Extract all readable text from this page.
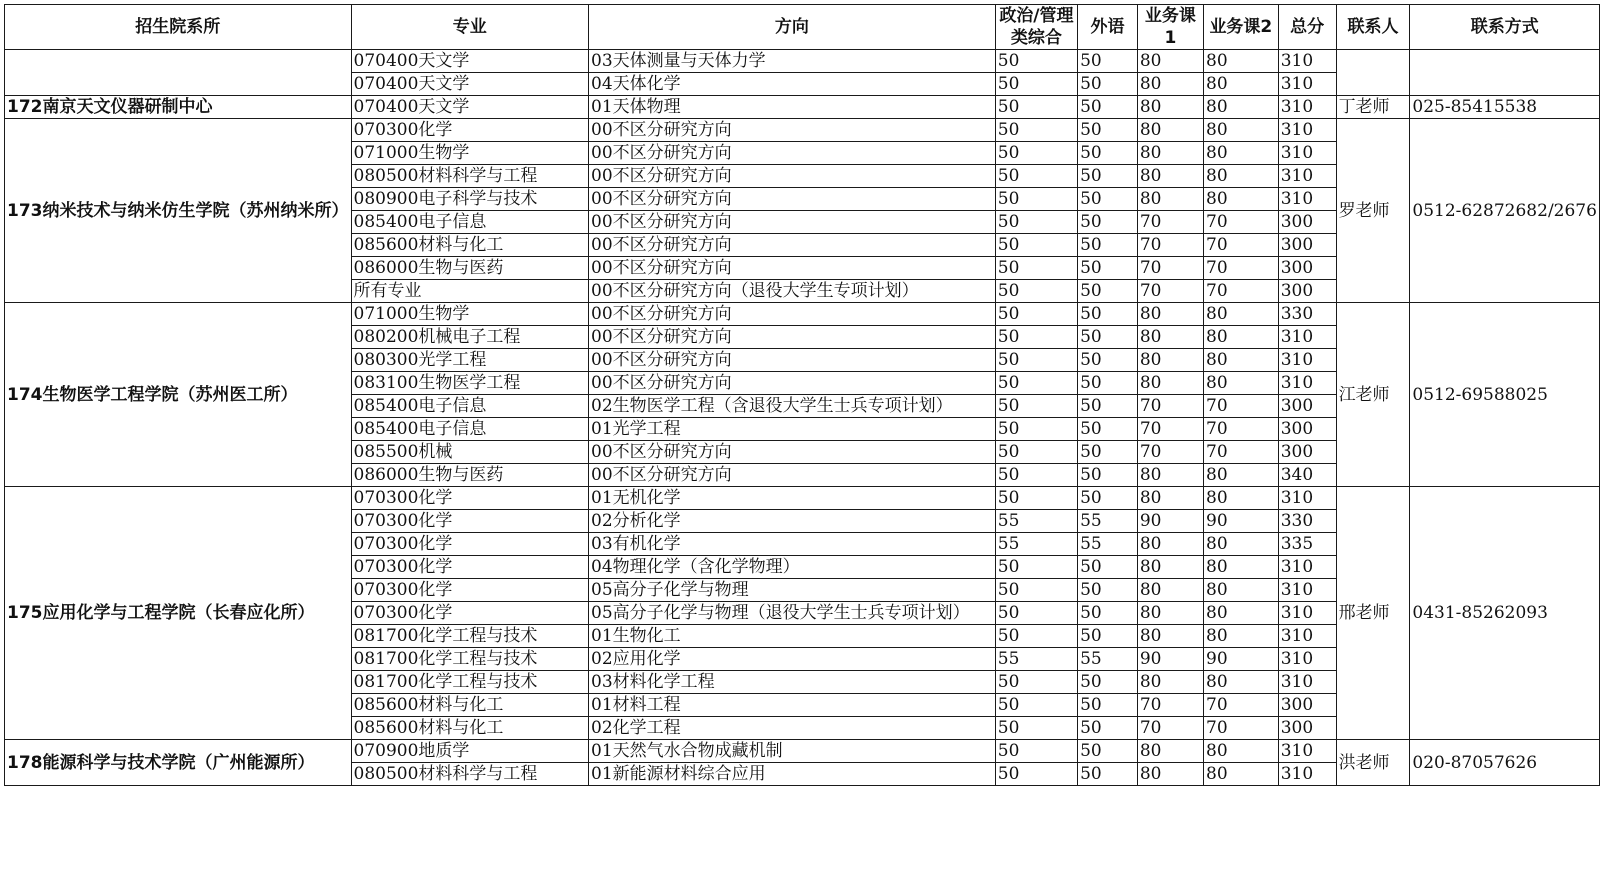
招生院系所	专业	方向	政治/管理类综合	外语	业务课1	业务课2	总分	联系人	联系方式
	070400天文学	03天体测量与天体力学	50	50	80	80	310		
	070400天文学	04天体化学	50	50	80	80	310		
172南京天文仪器研制中心	070400天文学	01天体物理	50	50	80	80	310	丁老师	025-85415538
173纳米技术与纳米仿生学院（苏州纳米所）	070300化学	00不区分研究方向	50	50	80	80	310	罗老师	0512-62872682/2676
	071000生物学	00不区分研究方向	50	50	80	80	310		
	080500材料科学与工程	00不区分研究方向	50	50	80	80	310		
	080900电子科学与技术	00不区分研究方向	50	50	80	80	310		
	085400电子信息	00不区分研究方向	50	50	70	70	300		
	085600材料与化工	00不区分研究方向	50	50	70	70	300		
	086000生物与医药	00不区分研究方向	50	50	70	70	300		
	所有专业	00不区分研究方向（退役大学生专项计划）	50	50	70	70	300		
174生物医学工程学院（苏州医工所）	071000生物学	00不区分研究方向	50	50	80	80	330	江老师	0512-69588025
	080200机械电子工程	00不区分研究方向	50	50	80	80	310		
	080300光学工程	00不区分研究方向	50	50	80	80	310		
	083100生物医学工程	00不区分研究方向	50	50	80	80	310		
	085400电子信息	02生物医学工程（含退役大学生士兵专项计划）	50	50	70	70	300		
	085400电子信息	01光学工程	50	50	70	70	300		
	085500机械	00不区分研究方向	50	50	70	70	300		
	086000生物与医药	00不区分研究方向	50	50	80	80	340		
175应用化学与工程学院（长春应化所）	070300化学	01无机化学	50	50	80	80	310	邢老师	0431-85262093
	070300化学	02分析化学	55	55	90	90	330		
	070300化学	03有机化学	55	55	80	80	335		
	070300化学	04物理化学（含化学物理）	50	50	80	80	310		
	070300化学	05高分子化学与物理	50	50	80	80	310		
	070300化学	05高分子化学与物理（退役大学生士兵专项计划）	50	50	80	80	310		
	081700化学工程与技术	01生物化工	50	50	80	80	310		
	081700化学工程与技术	02应用化学	55	55	90	90	310		
	081700化学工程与技术	03材料化学工程	50	50	80	80	310		
	085600材料与化工	01材料工程	50	50	70	70	300		
	085600材料与化工	02化学工程	50	50	70	70	300		
178能源科学与技术学院（广州能源所）	070900地质学	01天然气水合物成藏机制	50	50	80	80	310	洪老师	020-87057626
	080500材料科学与工程	01新能源材料综合应用	50	50	80	80	310		
